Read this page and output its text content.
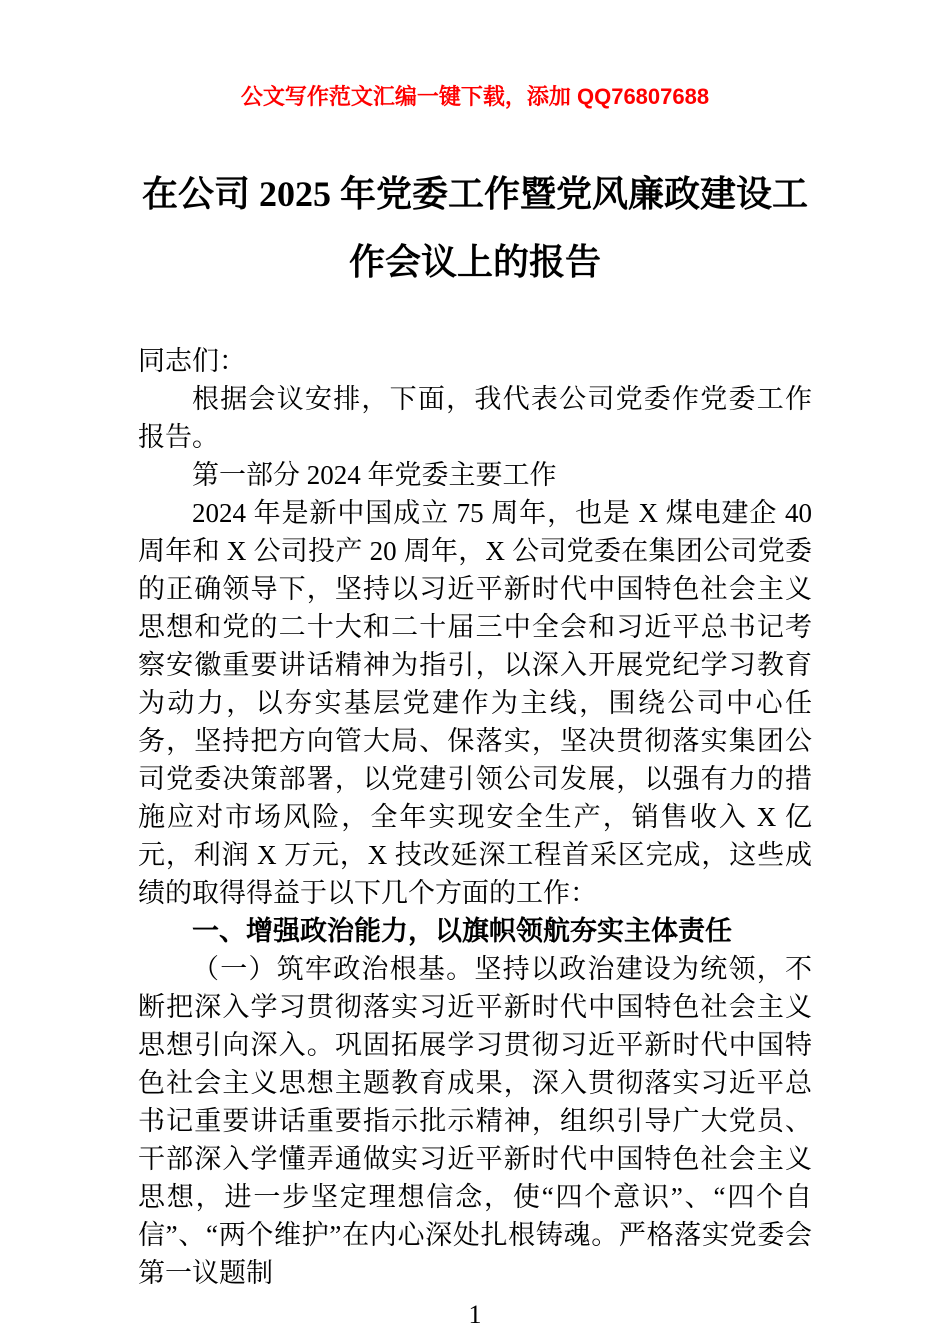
公文写作范文汇编一键下载，添加 QQ76807688
在公司 2025 年党委工作暨党风廉政建设工作会议上的报告

同志们：

根据会议安排，下面，我代表公司党委作党委工作报告。

第一部分 2024 年党委主要工作

2024 年是新中国成立 75 周年，也是 X 煤电建企 40 周年和 X 公司投产 20 周年，X 公司党委在集团公司党委的正确领导下，坚持以习近平新时代中国特色社会主义思想和党的二十大和二十届三中全会和习近平总书记考察安徽重要讲话精神为指引，以深入开展党纪学习教育为动力，以夯实基层党建作为主线，围绕公司中心任务，坚持把方向管大局、保落实，坚决贯彻落实集团公司党委决策部署，以党建引领公司发展，以强有力的措施应对市场风险，全年实现安全生产，销售收入 X 亿元，利润 X 万元，X 技改延深工程首采区完成，这些成绩的取得得益于以下几个方面的工作：

一、增强政治能力，以旗帜领航夯实主体责任

（一）筑牢政治根基。坚持以政治建设为统领，不断把深入学习贯彻落实习近平新时代中国特色社会主义思想引向深入。巩固拓展学习贯彻习近平新时代中国特色社会主义思想主题教育成果，深入贯彻落实习近平总书记重要讲话重要指示批示精神，组织引导广大党员、干部深入学懂弄通做实习近平新时代中国特色社会主义思想，进一步坚定理想信念，使“四个意识”、“四个自信”、“两个维护”在内心深处扎根铸魂。严格落实党委会第一议题制

1
